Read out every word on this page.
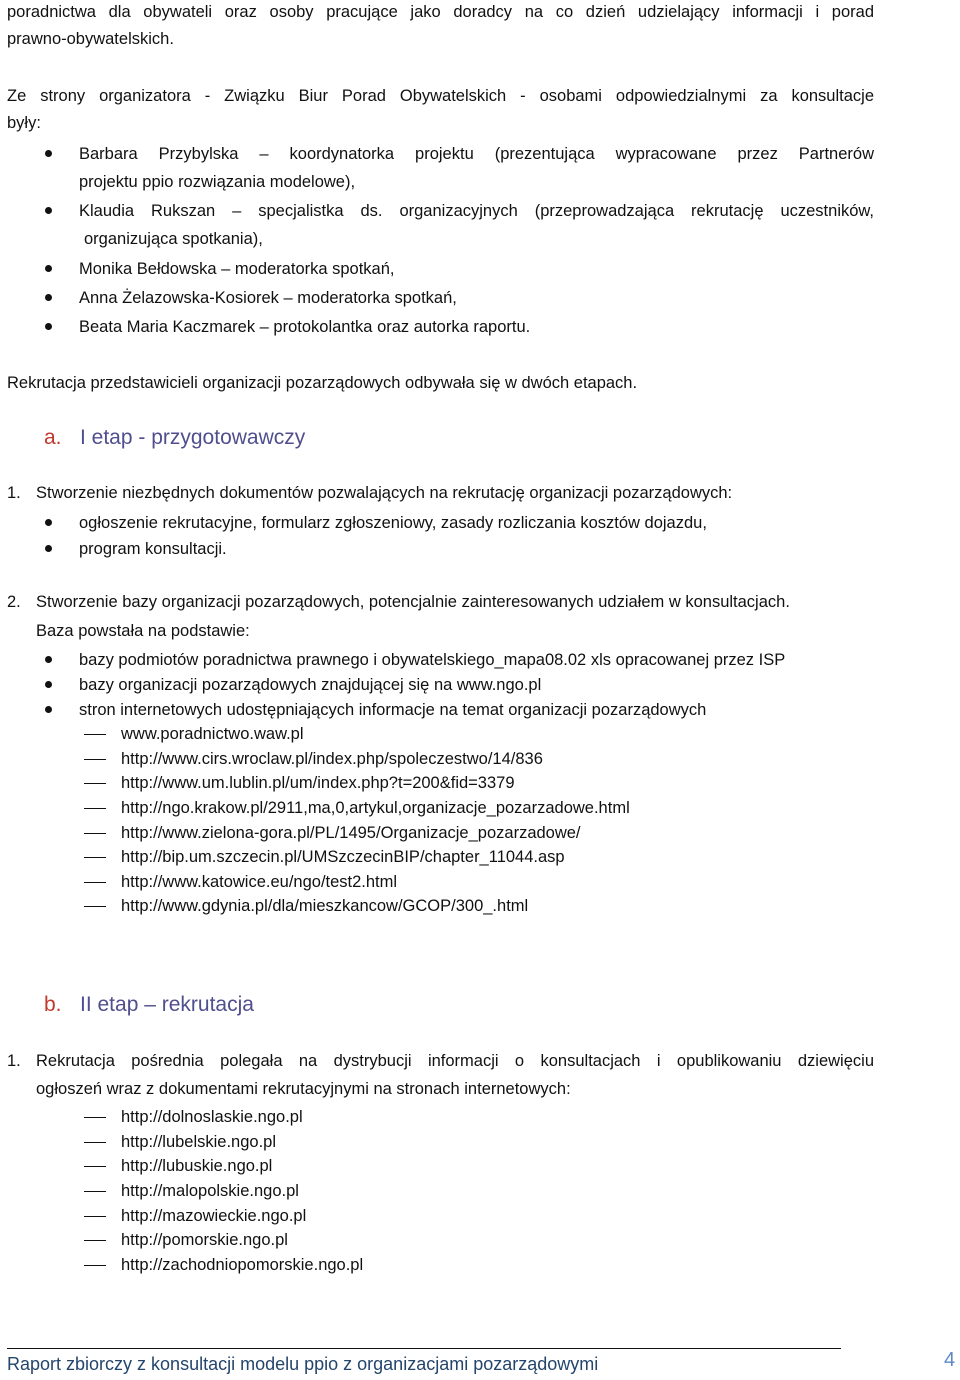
poradnictwa dla obywateli oraz osoby pracujące jako doradcy na co dzień udzielający informacji i porad
prawno-obywatelskich.
Ze strony organizatora - Związku Biur Porad Obywatelskich - osobami odpowiedzialnymi za konsultacje
były:
Barbara Przybylska – koordynatorka projektu (prezentująca wypracowane przez Partnerów
projektu ppio rozwiązania modelowe),
Klaudia Rukszan – specjalistka ds. organizacyjnych (przeprowadzająca rekrutację uczestników,
organizująca spotkania),
Monika Bełdowska – moderatorka spotkań,
Anna Żelazowska-Kosiorek – moderatorka spotkań,
Beata Maria Kaczmarek – protokolantka oraz autorka raportu.
Rekrutacja przedstawicieli organizacji pozarządowych odbywała się w dwóch etapach.
a. I etap - przygotowawczy
1. Stworzenie niezbędnych dokumentów pozwalających na rekrutację organizacji pozarządowych:
ogłoszenie rekrutacyjne, formularz zgłoszeniowy, zasady rozliczania kosztów dojazdu,
program konsultacji.
2. Stworzenie bazy organizacji pozarządowych, potencjalnie zainteresowanych udziałem w konsultacjach.
Baza powstała na podstawie:
bazy podmiotów poradnictwa prawnego i obywatelskiego_mapa08.02 xls opracowanej przez ISP
bazy organizacji pozarządowych znajdującej się na www.ngo.pl
stron internetowych udostępniających informacje na temat organizacji pozarządowych
www.poradnictwo.waw.pl
http://www.cirs.wroclaw.pl/index.php/spoleczestwo/14/836
http://www.um.lublin.pl/um/index.php?t=200&fid=3379
http://ngo.krakow.pl/2911,ma,0,artykul,organizacje_pozarzadowe.html
http://www.zielona-gora.pl/PL/1495/Organizacje_pozarzadowe/
http://bip.um.szczecin.pl/UMSzczecinBIP/chapter_11044.asp
http://www.katowice.eu/ngo/test2.html
http://www.gdynia.pl/dla/mieszkancow/GCOP/300_.html
b. II etap – rekrutacja
1. Rekrutacja pośrednia polegała na dystrybucji informacji o konsultacjach i opublikowaniu dziewięciu
ogłoszeń wraz z dokumentami rekrutacyjnymi na stronach internetowych:
http://dolnoslaskie.ngo.pl
http://lubelskie.ngo.pl
http://lubuskie.ngo.pl
http://malopolskie.ngo.pl
http://mazowieckie.ngo.pl
http://pomorskie.ngo.pl
http://zachodniopomorskie.ngo.pl
Raport zbiorczy z konsultacji modelu ppio z organizacjami pozarządowymi	4
